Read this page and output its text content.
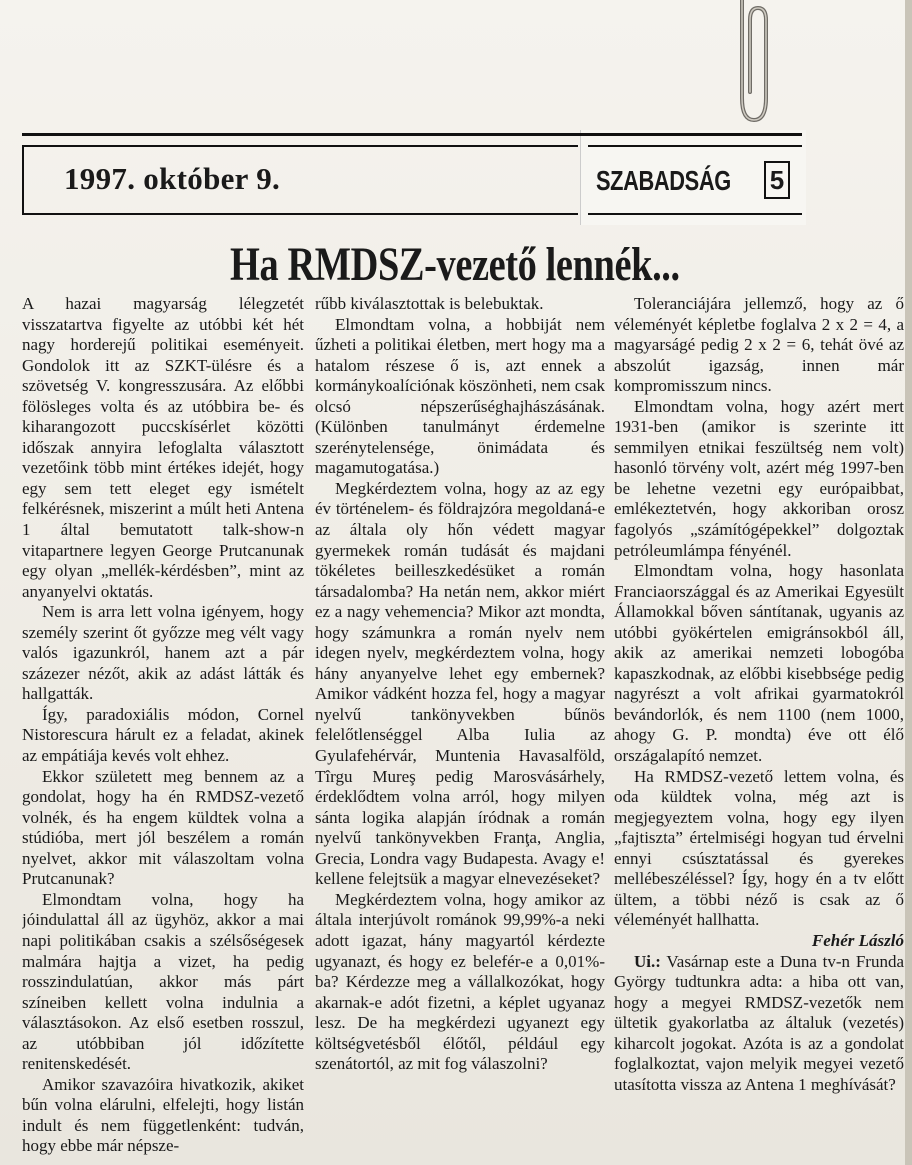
1997. október 9.	SZABADSÁG 5
Ha RMDSZ-vezető lennék...

A hazai magyarság lélegzetét visszatartva figyelte az utóbbi két hét nagy horderejű politikai eseményeit. Gondolok itt az SZKT-ülésre és a szövetség V. kongresszusára. Az előbbi fölösleges volta és az utóbbira be- és kiharangozott puccskísérlet közötti időszak annyira lefoglalta választott vezetőink több mint értékes idejét, hogy egy sem tett eleget egy ismételt felkérésnek, miszerint a múlt heti Antena 1 által bemutatott talk-show-n vitapartnere legyen George Prutcanunak egy olyan „mellék-kérdésben”, mint az anyanyelvi oktatás.

Nem is arra lett volna igényem, hogy személy szerint őt győzze meg vélt vagy valós igazunkról, hanem azt a pár százezer nézőt, akik az adást látták és hallgatták.

Így, paradoxiális módon, Cornel Nistorescura hárult ez a feladat, akinek az empátiája kevés volt ehhez.

Ekkor született meg bennem az a gondolat, hogy ha én RMDSZ-vezető volnék, és ha engem küldtek volna a stúdióba, mert jól beszélem a román nyelvet, akkor mit válaszoltam volna Prutcanunak?

Elmondtam volna, hogy ha jóindulattal áll az ügyhöz, akkor a mai napi politikában csakis a szélsőségesek malmára hajtja a vizet, ha pedig rosszindulatúan, akkor más párt színeiben kellett volna indulnia a választásokon. Az első esetben rosszul, az utóbbiban jól időzítette renitenskedését.

Amikor szavazóira hivatkozik, akiket bűn volna elárulni, elfelejti, hogy listán indult és nem függetlenként: tudván, hogy ebbe már népsze-

rűbb kiválasztottak is belebuktak.

Elmondtam volna, a hobbiját nem űzheti a politikai életben, mert hogy ma a hatalom részese ő is, azt ennek a kormánykoalíciónak köszönheti, nem csak olcsó népszerűséghajhászásának. (Különben tanulmányt érdemelne szerénytelensége, önimádata és magamutogatása.)

Megkérdeztem volna, hogy az az egy év történelem- és földrajzóra megoldaná-e az általa oly hőn védett magyar gyermekek román tudását és majdani tökéletes beilleszkedésüket a román társadalomba? Ha netán nem, akkor miért ez a nagy vehemencia? Mikor azt mondta, hogy számunkra a román nyelv nem idegen nyelv, megkérdeztem volna, hogy hány anyanyelve lehet egy embernek? Amikor vádként hozza fel, hogy a magyar nyelvű tankönyvekben bűnös felelőtlenséggel Alba Iulia az Gyulafehérvár, Muntenia Havasalföld, Tîrgu Mureş pedig Marosvásárhely, érdeklődtem volna arról, hogy milyen sánta logika alapján íródnak a román nyelvű tankönyvekben Franţa, Anglia, Grecia, Londra vagy Budapesta. Avagy e! kellene felejtsük a magyar elnevezéseket?

Megkérdeztem volna, hogy amikor az általa interjúvolt románok 99,99%-a neki adott igazat, hány magyartól kérdezte ugyanazt, és hogy ez belefér-e a 0,01%-ba? Kérdezze meg a vállalkozókat, hogy akarnak-e adót fizetni, a képlet ugyanaz lesz. De ha megkérdezi ugyanezt egy költségvetésből élőtől, például egy szenátortól, az mit fog válaszolni?

Toleranciájára jellemző, hogy az ő véleményét képletbe foglalva 2 x 2 = 4, a magyarságé pedig 2 x 2 = 6, tehát övé az abszolút igazság, innen már kompromisszum nincs.

Elmondtam volna, hogy azért mert 1931-ben (amikor is szerinte itt semmilyen etnikai feszültség nem volt) hasonló törvény volt, azért még 1997-ben be lehetne vezetni egy európaibbat, emlékeztetvén, hogy akkoriban orosz fagolyós „számítógépekkel” dolgoztak petróleumlámpa fényénél.

Elmondtam volna, hogy hasonlata Franciaországgal és az Amerikai Egyesült Államokkal bőven sántítanak, ugyanis az utóbbi gyökértelen emigránsokból áll, akik az amerikai nemzeti lobogóba kapaszkodnak, az előbbi kisebbsége pedig nagyrészt a volt afrikai gyarmatokról bevándorlók, és nem 1100 (nem 1000, ahogy G. P. mondta) éve ott élő országalapító nemzet.

Ha RMDSZ-vezető lettem volna, és oda küldtek volna, még azt is megjegyeztem volna, hogy egy ilyen „fajtiszta” értelmiségi hogyan tud érvelni ennyi csúsztatással és gyerekes mellébeszéléssel? Így, hogy én a tv előtt ültem, a többi néző is csak az ő véleményét hallhatta.

Fehér László

Ui.: Vasárnap este a Duna tv-n Frunda György tudtunkra adta: a hiba ott van, hogy a megyei RMDSZ-vezetők nem ültetik gyakorlatba az általuk (vezetés) kiharcolt jogokat. Azóta is az a gondolat foglalkoztat, vajon melyik megyei vezető utasította vissza az Antena 1 meghívását?
